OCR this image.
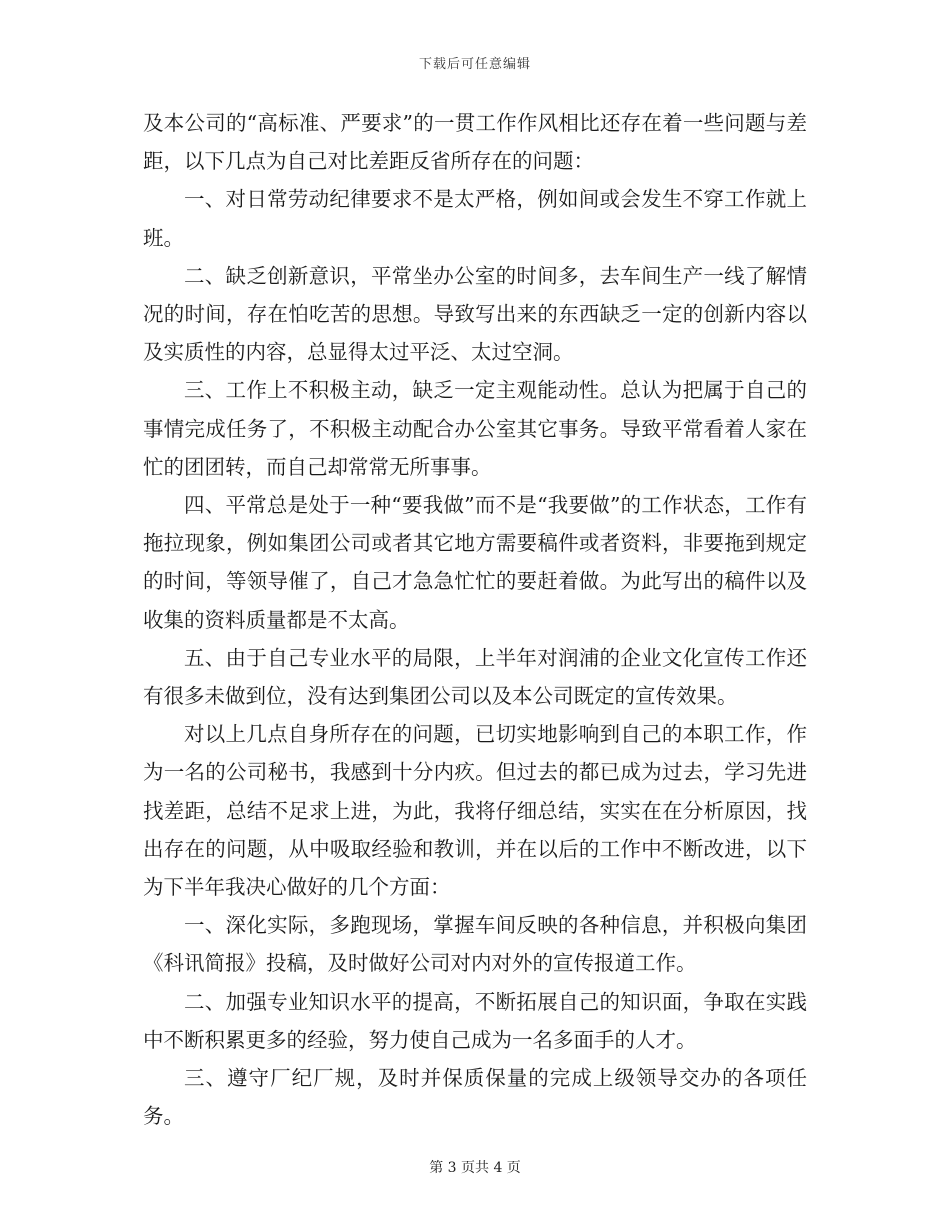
下载后可任意编辑

及本公司的“高标准、严要求”的一贯工作作风相比还存在着一些问题与差距，以下几点为自己对比差距反省所存在的问题：

一、对日常劳动纪律要求不是太严格，例如间或会发生不穿工作就上班。

二、缺乏创新意识，平常坐办公室的时间多，去车间生产一线了解情况的时间，存在怕吃苦的思想。导致写出来的东西缺乏一定的创新内容以及实质性的内容，总显得太过平泛、太过空洞。

三、工作上不积极主动，缺乏一定主观能动性。总认为把属于自己的事情完成任务了，不积极主动配合办公室其它事务。导致平常看着人家在忙的团团转，而自己却常常无所事事。

四、平常总是处于一种“要我做”而不是“我要做”的工作状态，工作有拖拉现象，例如集团公司或者其它地方需要稿件或者资料，非要拖到规定的时间，等领导催了，自己才急急忙忙的要赶着做。为此写出的稿件以及收集的资料质量都是不太高。

五、由于自己专业水平的局限，上半年对润浦的企业文化宣传工作还有很多未做到位，没有达到集团公司以及本公司既定的宣传效果。

对以上几点自身所存在的问题，已切实地影响到自己的本职工作，作为一名的公司秘书，我感到十分内疚。但过去的都已成为过去，学习先进找差距，总结不足求上进，为此，我将仔细总结，实实在在分析原因，找出存在的问题，从中吸取经验和教训，并在以后的工作中不断改进，以下为下半年我决心做好的几个方面：

一、深化实际，多跑现场，掌握车间反映的各种信息，并积极向集团《科讯简报》投稿，及时做好公司对内对外的宣传报道工作。

二、加强专业知识水平的提高，不断拓展自己的知识面，争取在实践中不断积累更多的经验，努力使自己成为一名多面手的人才。

三、遵守厂纪厂规，及时并保质保量的完成上级领导交办的各项任务。

第 3 页共 4 页
